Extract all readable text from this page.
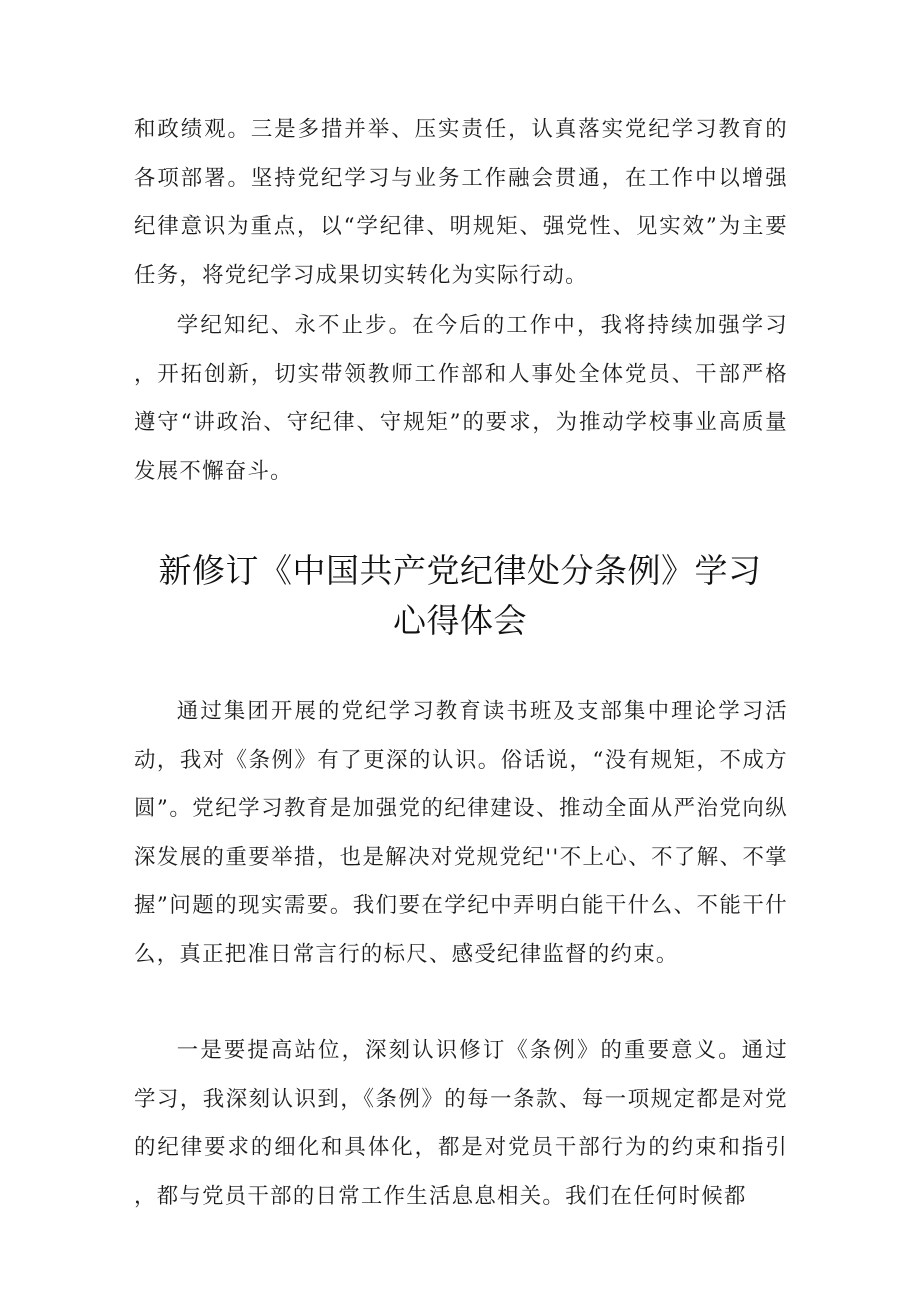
和政绩观。三是多措并举、压实责任，认真落实党纪学习教育的各项部署。坚持党纪学习与业务工作融会贯通，在工作中以增强纪律意识为重点，以“学纪律、明规矩、强党性、见实效”为主要任务，将党纪学习成果切实转化为实际行动。

学纪知纪、永不止步。在今后的工作中，我将持续加强学习，开拓创新，切实带领教师工作部和人事处全体党员、干部严格遵守“讲政治、守纪律、守规矩”的要求，为推动学校事业高质量发展不懈奋斗。

新修订《中国共产党纪律处分条例》学习
心得体会

通过集团开展的党纪学习教育读书班及支部集中理论学习活动，我对《条例》有了更深的认识。俗话说，“没有规矩，不成方圆”。党纪学习教育是加强党的纪律建设、推动全面从严治党向纵深发展的重要举措，也是解决对党规党纪''不上心、不了解、不掌握”问题的现实需要。我们要在学纪中弄明白能干什么、不能干什么，真正把准日常言行的标尺、感受纪律监督的约束。

一是要提高站位，深刻认识修订《条例》的重要意义。通过学习，我深刻认识到，《条例》的每一条款、每一项规定都是对党的纪律要求的细化和具体化，都是对党员干部行为的约束和指引，都与党员干部的日常工作生活息息相关。我们在任何时候都
